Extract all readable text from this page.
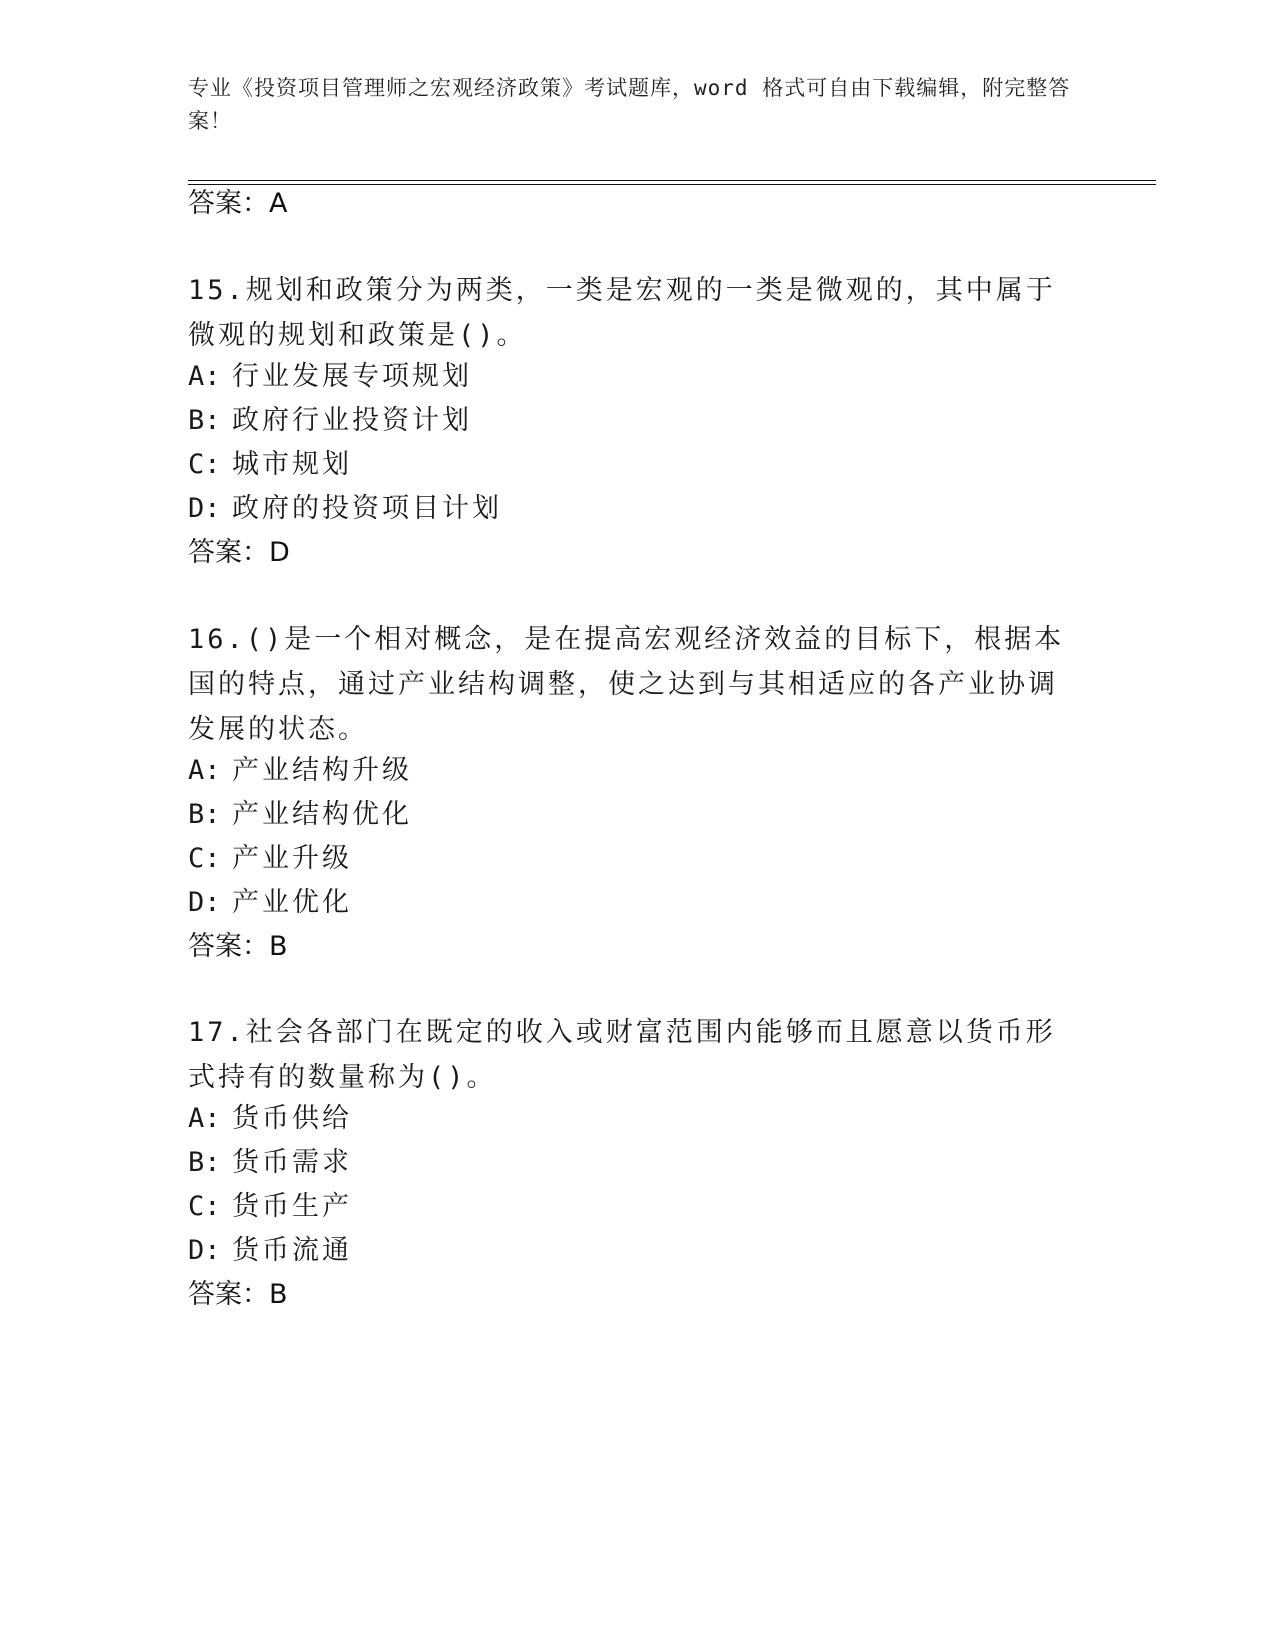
专业《投资项目管理师之宏观经济政策》考试题库，word 格式可自由下载编辑，附完整答案！
答案：A
15.规划和政策分为两类，一类是宏观的一类是微观的，其中属于微观的规划和政策是()。
A: 行业发展专项规划
B: 政府行业投资计划
C: 城市规划
D: 政府的投资项目计划
答案：D
16.()是一个相对概念，是在提高宏观经济效益的目标下，根据本国的特点，通过产业结构调整，使之达到与其相适应的各产业协调发展的状态。
A: 产业结构升级
B: 产业结构优化
C: 产业升级
D: 产业优化
答案：B
17.社会各部门在既定的收入或财富范围内能够而且愿意以货币形式持有的数量称为()。
A: 货币供给
B: 货币需求
C: 货币生产
D: 货币流通
答案：B
